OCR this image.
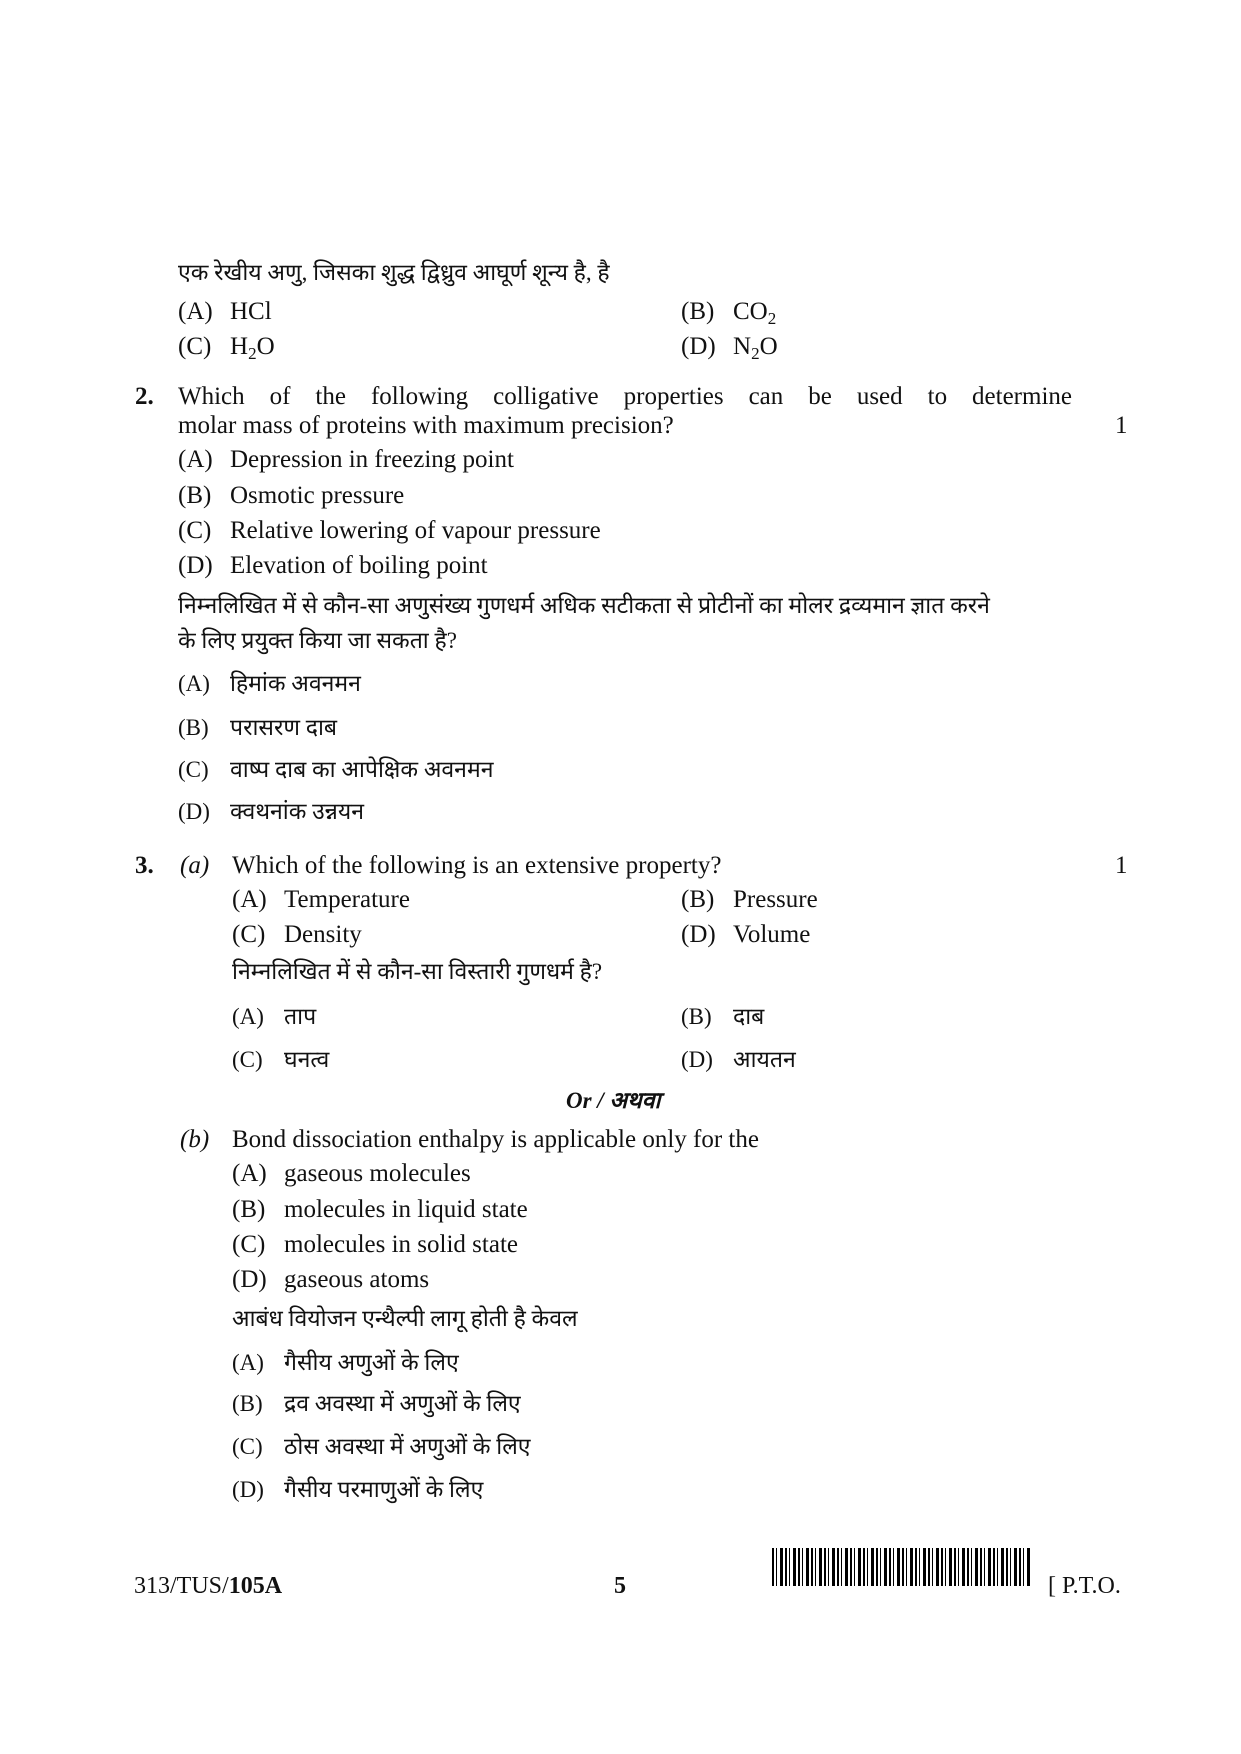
एक रेखीय अणु, जिसका शुद्ध द्विध्रुव आघूर्ण शून्य है, है
(A) HCl	(B) $CO_2$
(C) $H_2O$	(D) $N_2O$
2. Which of the following colligative properties can be used to determine
molar mass of proteins with maximum precision?	1
(A) Depression in freezing point
(B) Osmotic pressure
(C) Relative lowering of vapour pressure
(D) Elevation of boiling point
निम्नलिखित में से कौन-सा अणुसंख्य गुणधर्म अधिक सटीकता से प्रोटीनों का मोलर द्रव्यमान ज्ञात करने
के लिए प्रयुक्त किया जा सकता है?
(A) हिमांक अवनमन
(B) परासरण दाब
(C) वाष्प दाब का आपेक्षिक अवनमन
(D) क्वथनांक उन्नयन
3. (a) Which of the following is an extensive property?	1
(A) Temperature	(B) Pressure
(C) Density	(D) Volume
निम्नलिखित में से कौन-सा विस्तारी गुणधर्म है?
(A) ताप	(B) दाब
(C) घनत्व	(D) आयतन
Or / अथवा
(b) Bond dissociation enthalpy is applicable only for the
(A) gaseous molecules
(B) molecules in liquid state
(C) molecules in solid state
(D) gaseous atoms
आबंध वियोजन एन्थैल्पी लागू होती है केवल
(A) गैसीय अणुओं के लिए
(B) द्रव अवस्था में अणुओं के लिए
(C) ठोस अवस्था में अणुओं के लिए
(D) गैसीय परमाणुओं के लिए
313/TUS/105A	5	[ P.T.O.
